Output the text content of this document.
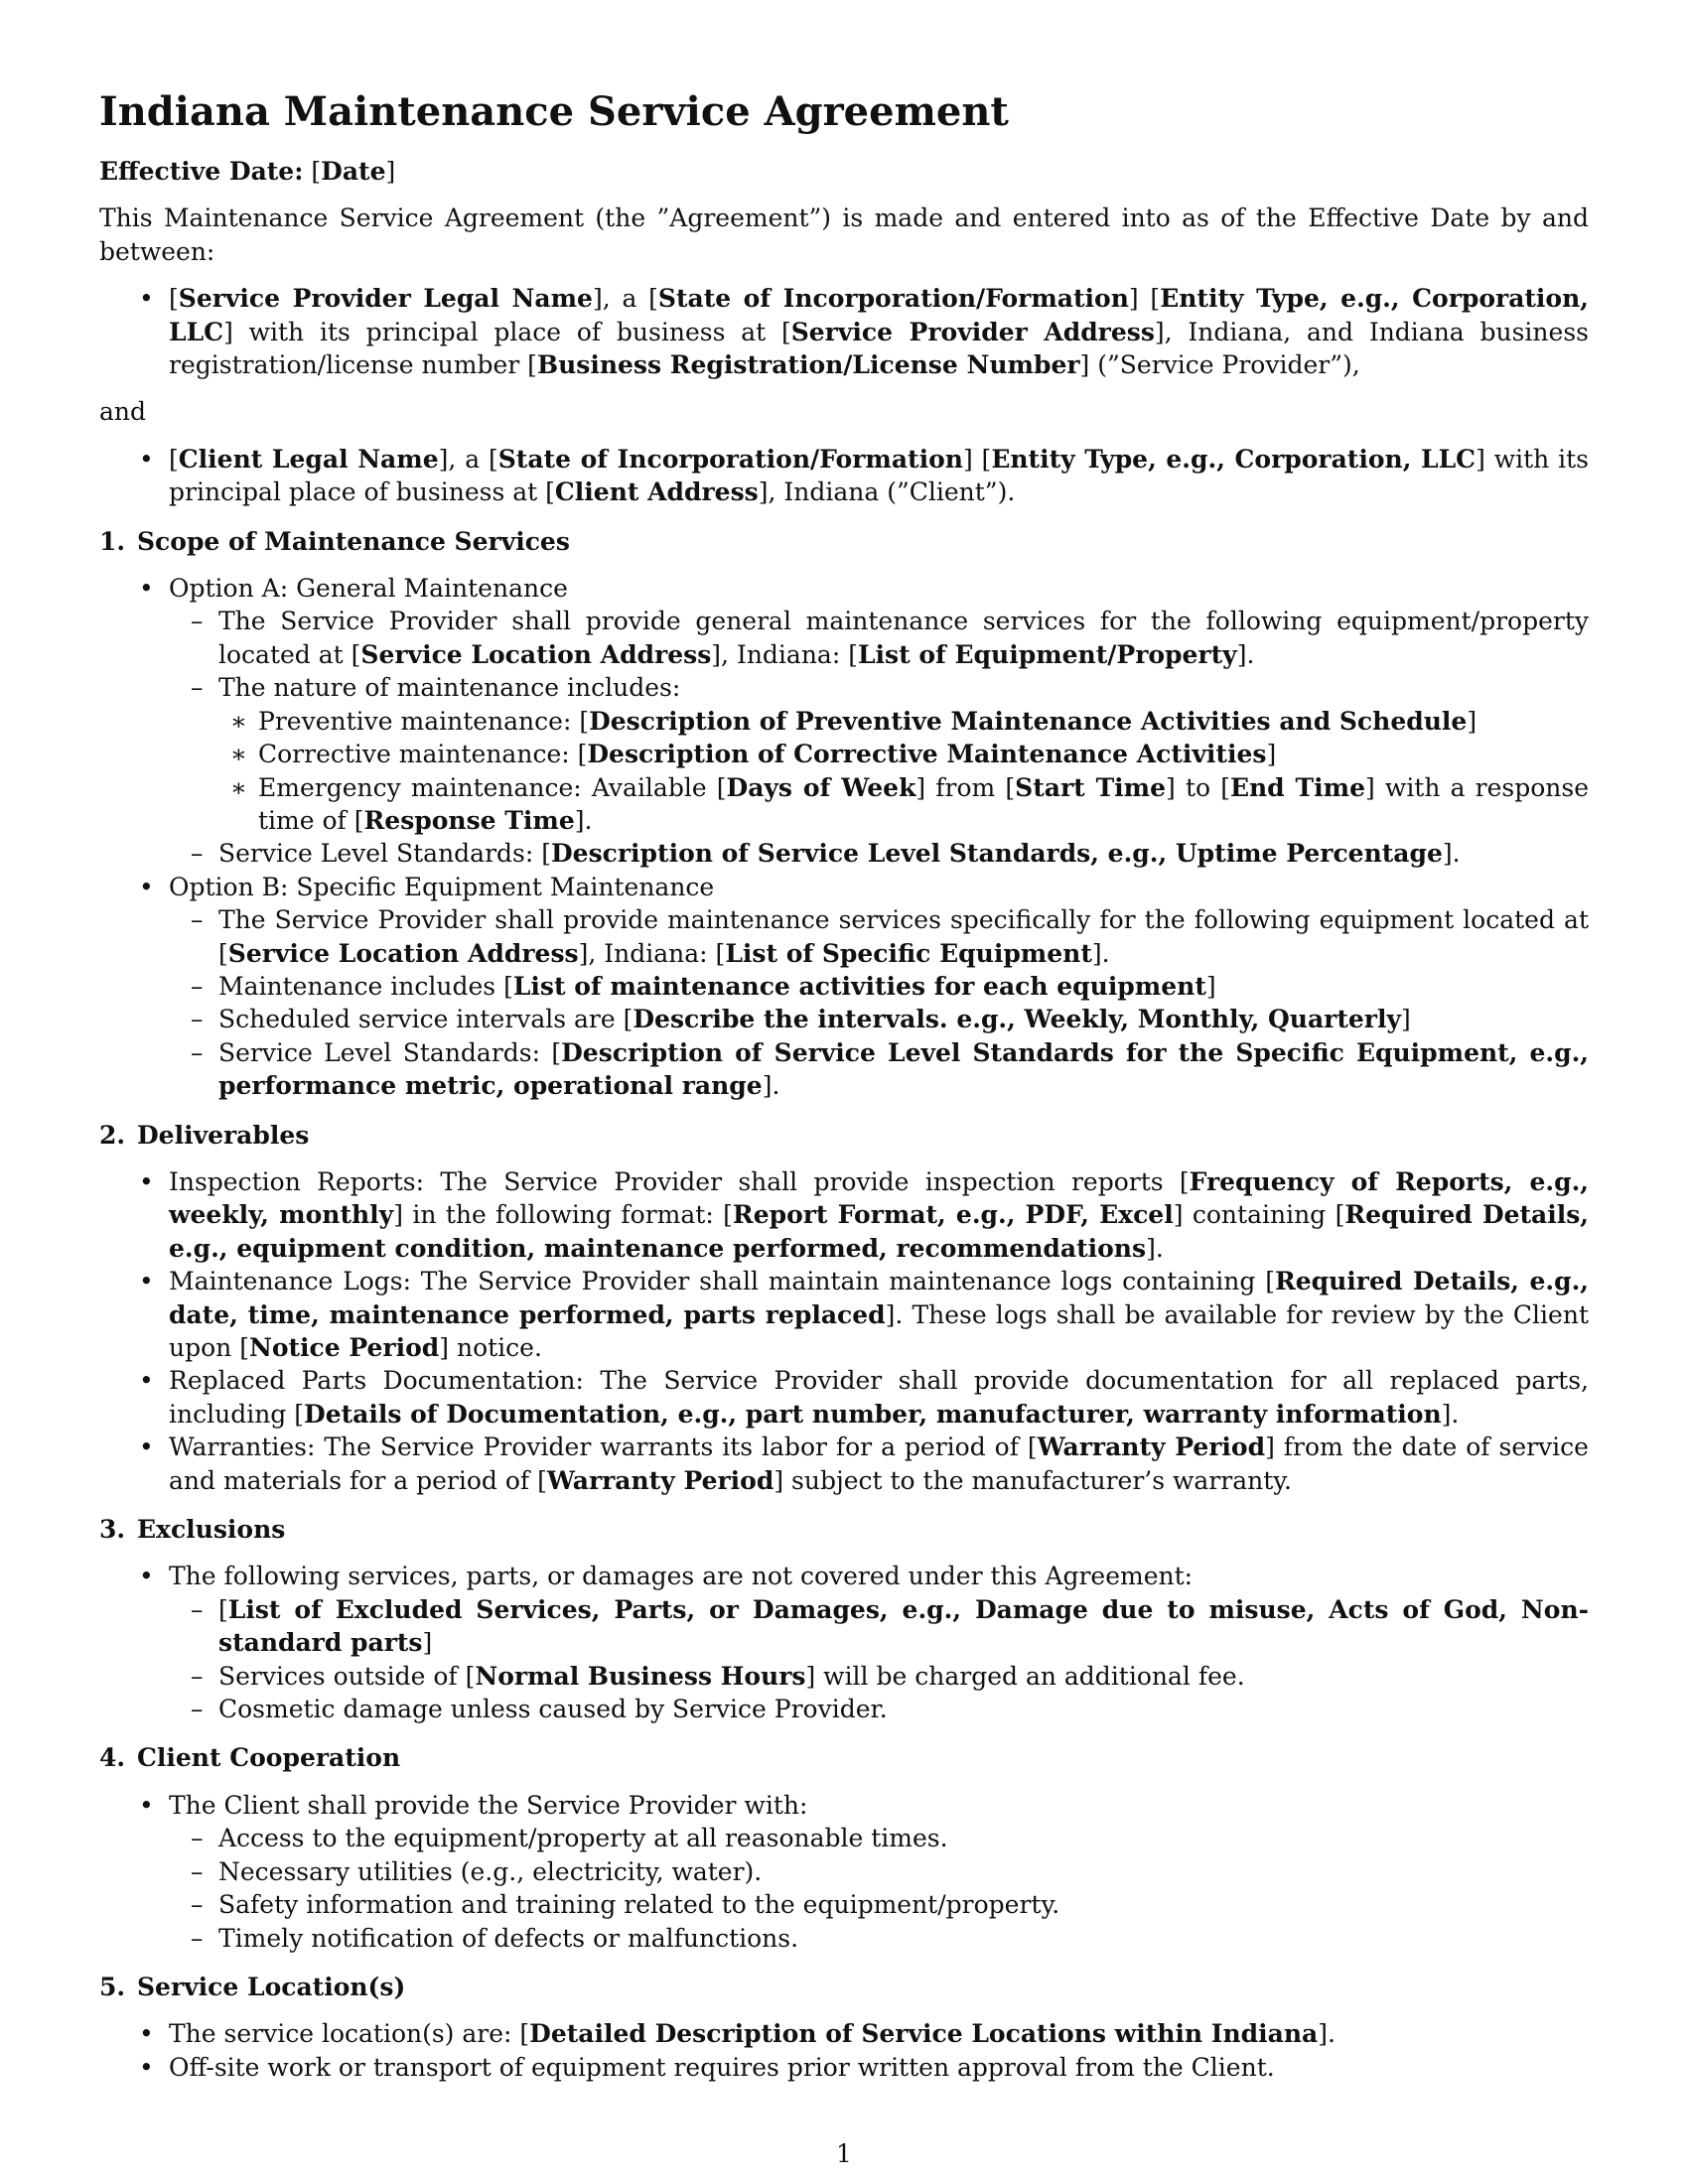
Indiana Maintenance Service Agreement

Effective Date: [Date]

This Maintenance Service Agreement (the ”Agreement”) is made and entered into as of the Effective Date by and between:

• [Service Provider Legal Name], a [State of Incorporation/Formation] [Entity Type, e.g., Corporation, LLC] with its principal place of business at [Service Provider Address], Indiana, and Indiana business registration/license number [Business Registration/License Number] (”Service Provider”),

and

• [Client Legal Name], a [State of Incorporation/Formation] [Entity Type, e.g., Corporation, LLC] with its principal place of business at [Client Address], Indiana (”Client”).
1. Scope of Maintenance Services
• Option A: General Maintenance
– The Service Provider shall provide general maintenance services for the following equipment/property located at [Service Location Address], Indiana: [List of Equipment/Property].
– The nature of maintenance includes:
∗ Preventive maintenance: [Description of Preventive Maintenance Activities and Schedule]
∗ Corrective maintenance: [Description of Corrective Maintenance Activities]
∗ Emergency maintenance: Available [Days of Week] from [Start Time] to [End Time] with a response time of [Response Time].
– Service Level Standards: [Description of Service Level Standards, e.g., Uptime Percentage].
• Option B: Specific Equipment Maintenance
– The Service Provider shall provide maintenance services specifically for the following equipment located at [Service Location Address], Indiana: [List of Specific Equipment].
– Maintenance includes [List of maintenance activities for each equipment]
– Scheduled service intervals are [Describe the intervals. e.g., Weekly, Monthly, Quarterly]
– Service Level Standards: [Description of Service Level Standards for the Specific Equipment, e.g., performance metric, operational range].
2. Deliverables
• Inspection Reports: The Service Provider shall provide inspection reports [Frequency of Reports, e.g., weekly, monthly] in the following format: [Report Format, e.g., PDF, Excel] containing [Required Details, e.g., equipment condition, maintenance performed, recommendations].
• Maintenance Logs: The Service Provider shall maintain maintenance logs containing [Required Details, e.g., date, time, maintenance performed, parts replaced]. These logs shall be available for review by the Client upon [Notice Period] notice.
• Replaced Parts Documentation: The Service Provider shall provide documentation for all replaced parts, including [Details of Documentation, e.g., part number, manufacturer, warranty information].
• Warranties: The Service Provider warrants its labor for a period of [Warranty Period] from the date of service and materials for a period of [Warranty Period] subject to the manufacturer’s warranty.
3. Exclusions
• The following services, parts, or damages are not covered under this Agreement:
– [List of Excluded Services, Parts, or Damages, e.g., Damage due to misuse, Acts of God, Non-standard parts]
– Services outside of [Normal Business Hours] will be charged an additional fee.
– Cosmetic damage unless caused by Service Provider.
4. Client Cooperation
• The Client shall provide the Service Provider with:
– Access to the equipment/property at all reasonable times.
– Necessary utilities (e.g., electricity, water).
– Safety information and training related to the equipment/property.
– Timely notification of defects or malfunctions.
5. Service Location(s)
• The service location(s) are: [Detailed Description of Service Locations within Indiana].
• Off-site work or transport of equipment requires prior written approval from the Client.
1
